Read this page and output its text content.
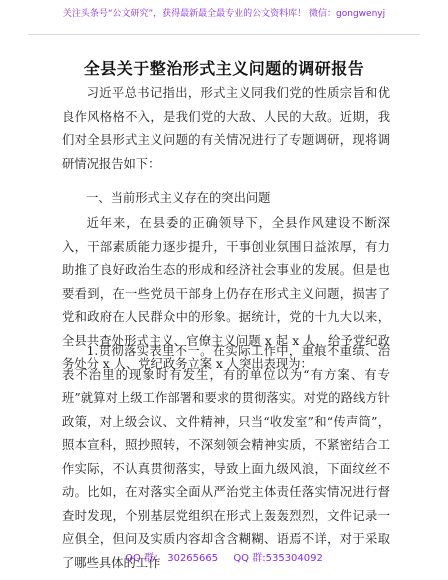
关注头条号“公文研究”，获得最新最全最专业的公文资料库！ 微信：gongwenyj
全县关于整治形式主义问题的调研报告
习近平总书记指出，形式主义同我们党的性质宗旨和优良作风格格不入，是我们党的大敌、人民的大敌。近期，我们对全县形式主义问题的有关情况进行了专题调研，现将调研情况报告如下：
一、当前形式主义存在的突出问题
近年来，在县委的正确领导下，全县作风建设不断深入，干部素质能力逐步提升，干事创业氛围日益浓厚，有力助推了良好政治生态的形成和经济社会事业的发展。但是也要看到，在一些党员干部身上仍存在形式主义问题，损害了党和政府在人民群众中的形象。据统计，党的十九大以来，全县共查处形式主义、官僚主义问题 x 起 x 人，给予党纪政务处分 x 人、党纪政务立案 x 人突出表现为：
1.贯彻落实表里不一。在实际工作中，重痕不重绩、治表不治里的现象时有发生，有的单位以为“有方案、有专班”就算对上级工作部署和要求的贯彻落实。对党的路线方针政策，对上级会议、文件精神，只当“收发室”和“传声筒”，照本宣科，照抄照转，不深刻领会精神实质，不紧密结合工作实际，不认真贯彻落实，导致上面九级风浪，下面纹丝不动。比如，在对落实全面从严治党主体责任落实情况进行督查时发现，个别基层党组织在形式上轰轰烈烈，文件记录一应俱全，但问及实质内容却含含糊糊、语焉不详，对于采取了哪些具体的工作
QQ 群： 30265665 QQ 群:535304092
